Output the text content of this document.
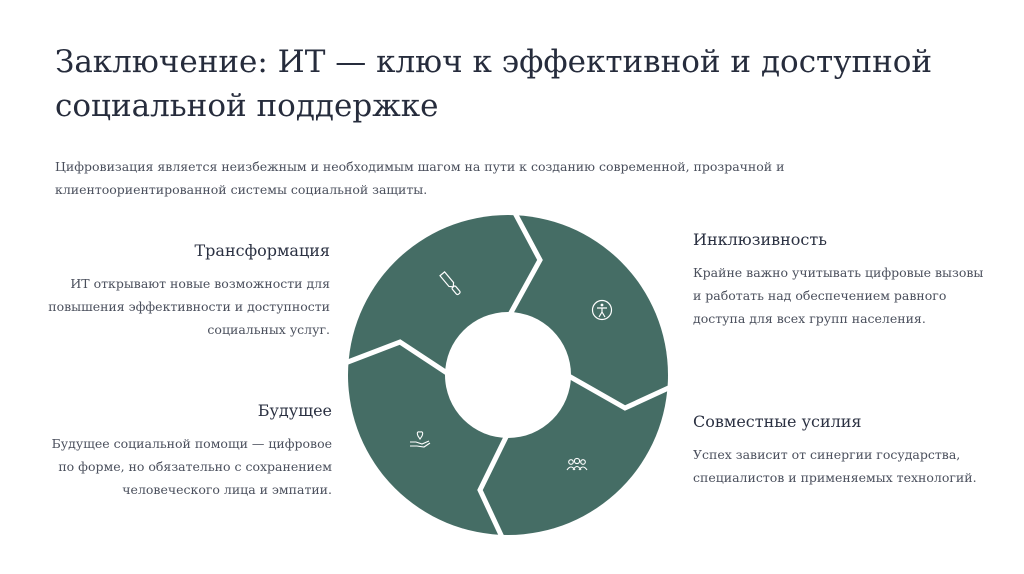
Заключение: ИТ — ключ к эффективной и доступной социальной поддержке

Цифровизация является неизбежным и необходимым шагом на пути к созданию современной, прозрачной и клиентоориентированной системы социальной защиты.

Трансформация

ИТ открывают новые возможности для повышения эффективности и доступности социальных услуг.

Будущее

Будущее социальной помощи — цифровое по форме, но обязательно с сохранением человеческого лица и эмпатии.

Инклюзивность

Крайне важно учитывать цифровые вызовы и работать над обеспечением равного доступа для всех групп населения.

Совместные усилия

Успех зависит от синергии государства, специалистов и применяемых технологий.
